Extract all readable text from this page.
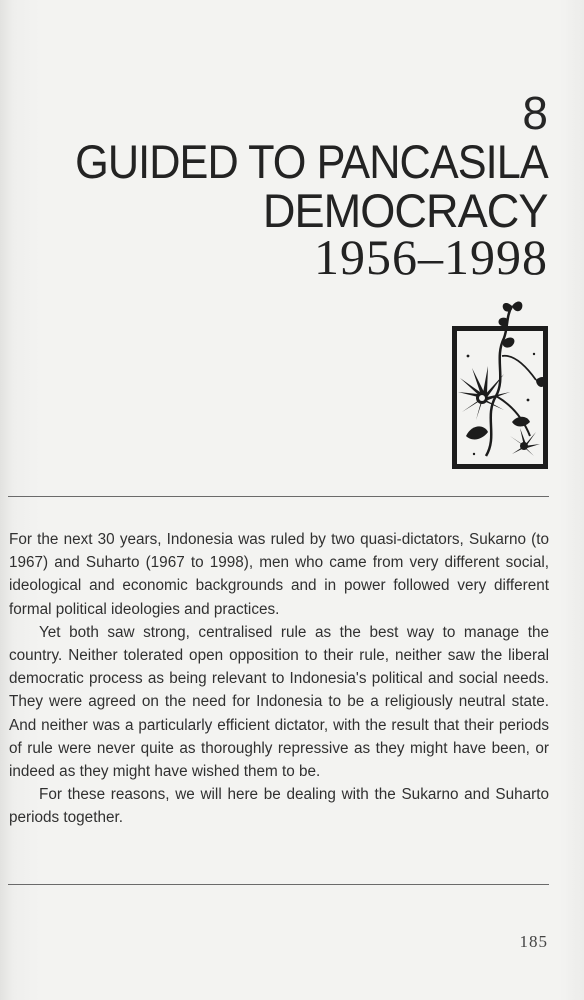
8
GUIDED TO PANCASILA
DEMOCRACY
1956–1998

For the next 30 years, Indonesia was ruled by two quasi-dictators, Sukarno (to 1967) and Suharto (1967 to 1998), men who came from very different social, ideological and economic backgrounds and in power followed very different formal political ideologies and practices.

Yet both saw strong, centralised rule as the best way to manage the country. Neither tolerated open opposition to their rule, neither saw the liberal democratic process as being relevant to Indonesia's political and social needs. They were agreed on the need for Indonesia to be a religiously neutral state. And neither was a particularly efficient dictator, with the result that their periods of rule were never quite as thoroughly repressive as they might have been, or indeed as they might have wished them to be.

For these reasons, we will here be dealing with the Sukarno and Suharto periods together.

185
